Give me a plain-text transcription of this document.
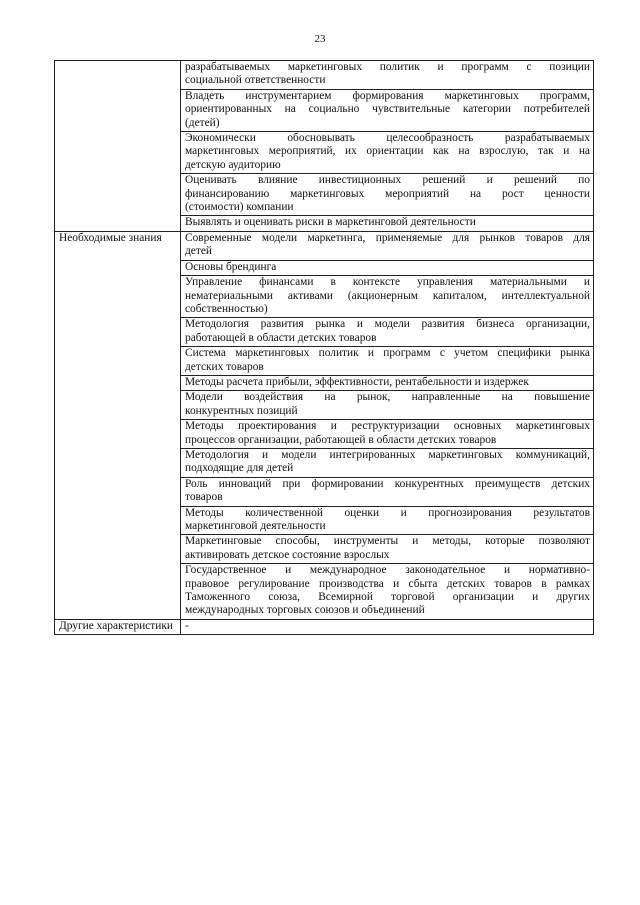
23

	разрабатываемых маркетинговых политик и программ с позиции
социальной ответственности

	Владеть инструментарием формирования маркетинговых программ,
ориентированных на социально чувствительные категории потребителей
(детей)

	Экономически обосновывать целесообразность разрабатываемых
маркетинговых мероприятий, их ориентации как на взрослую, так и на
детскую аудиторию

	Оценивать влияние инвестиционных решений и решений по
финансированию маркетинговых мероприятий на рост ценности
(стоимости) компании

	Выявлять и оценивать риски в маркетинговой деятельности

Необходимые знания	Современные модели маркетинга, применяемые для рынков товаров для
детей

	Основы брендинга

	Управление финансами в контексте управления материальными и
нематериальными активами (акционерным капиталом, интеллектуальной
собственностью)

	Методология развития рынка и модели развития бизнеса организации,
работающей в области детских товаров

	Система маркетинговых политик и программ с учетом специфики рынка
детских товаров

	Методы расчета прибыли, эффективности, рентабельности и издержек

	Модели воздействия на рынок, направленные на повышение
конкурентных позиций

	Методы проектирования и реструктуризации основных маркетинговых
процессов организации, работающей в области детских товаров

	Методология и модели интегрированных маркетинговых коммуникаций,
подходящие для детей

	Роль инноваций при формировании конкурентных преимуществ детских
товаров

	Методы количественной оценки и прогнозирования результатов
маркетинговой деятельности

	Маркетинговые способы, инструменты и методы, которые позволяют
активировать детское состояние взрослых

	Государственное и международное законодательное и нормативно-
правовое регулирование производства и сбыта детских товаров в рамках
Таможенного союза, Всемирной торговой организации и других
международных торговых союзов и объединений

Другие характеристики	-
